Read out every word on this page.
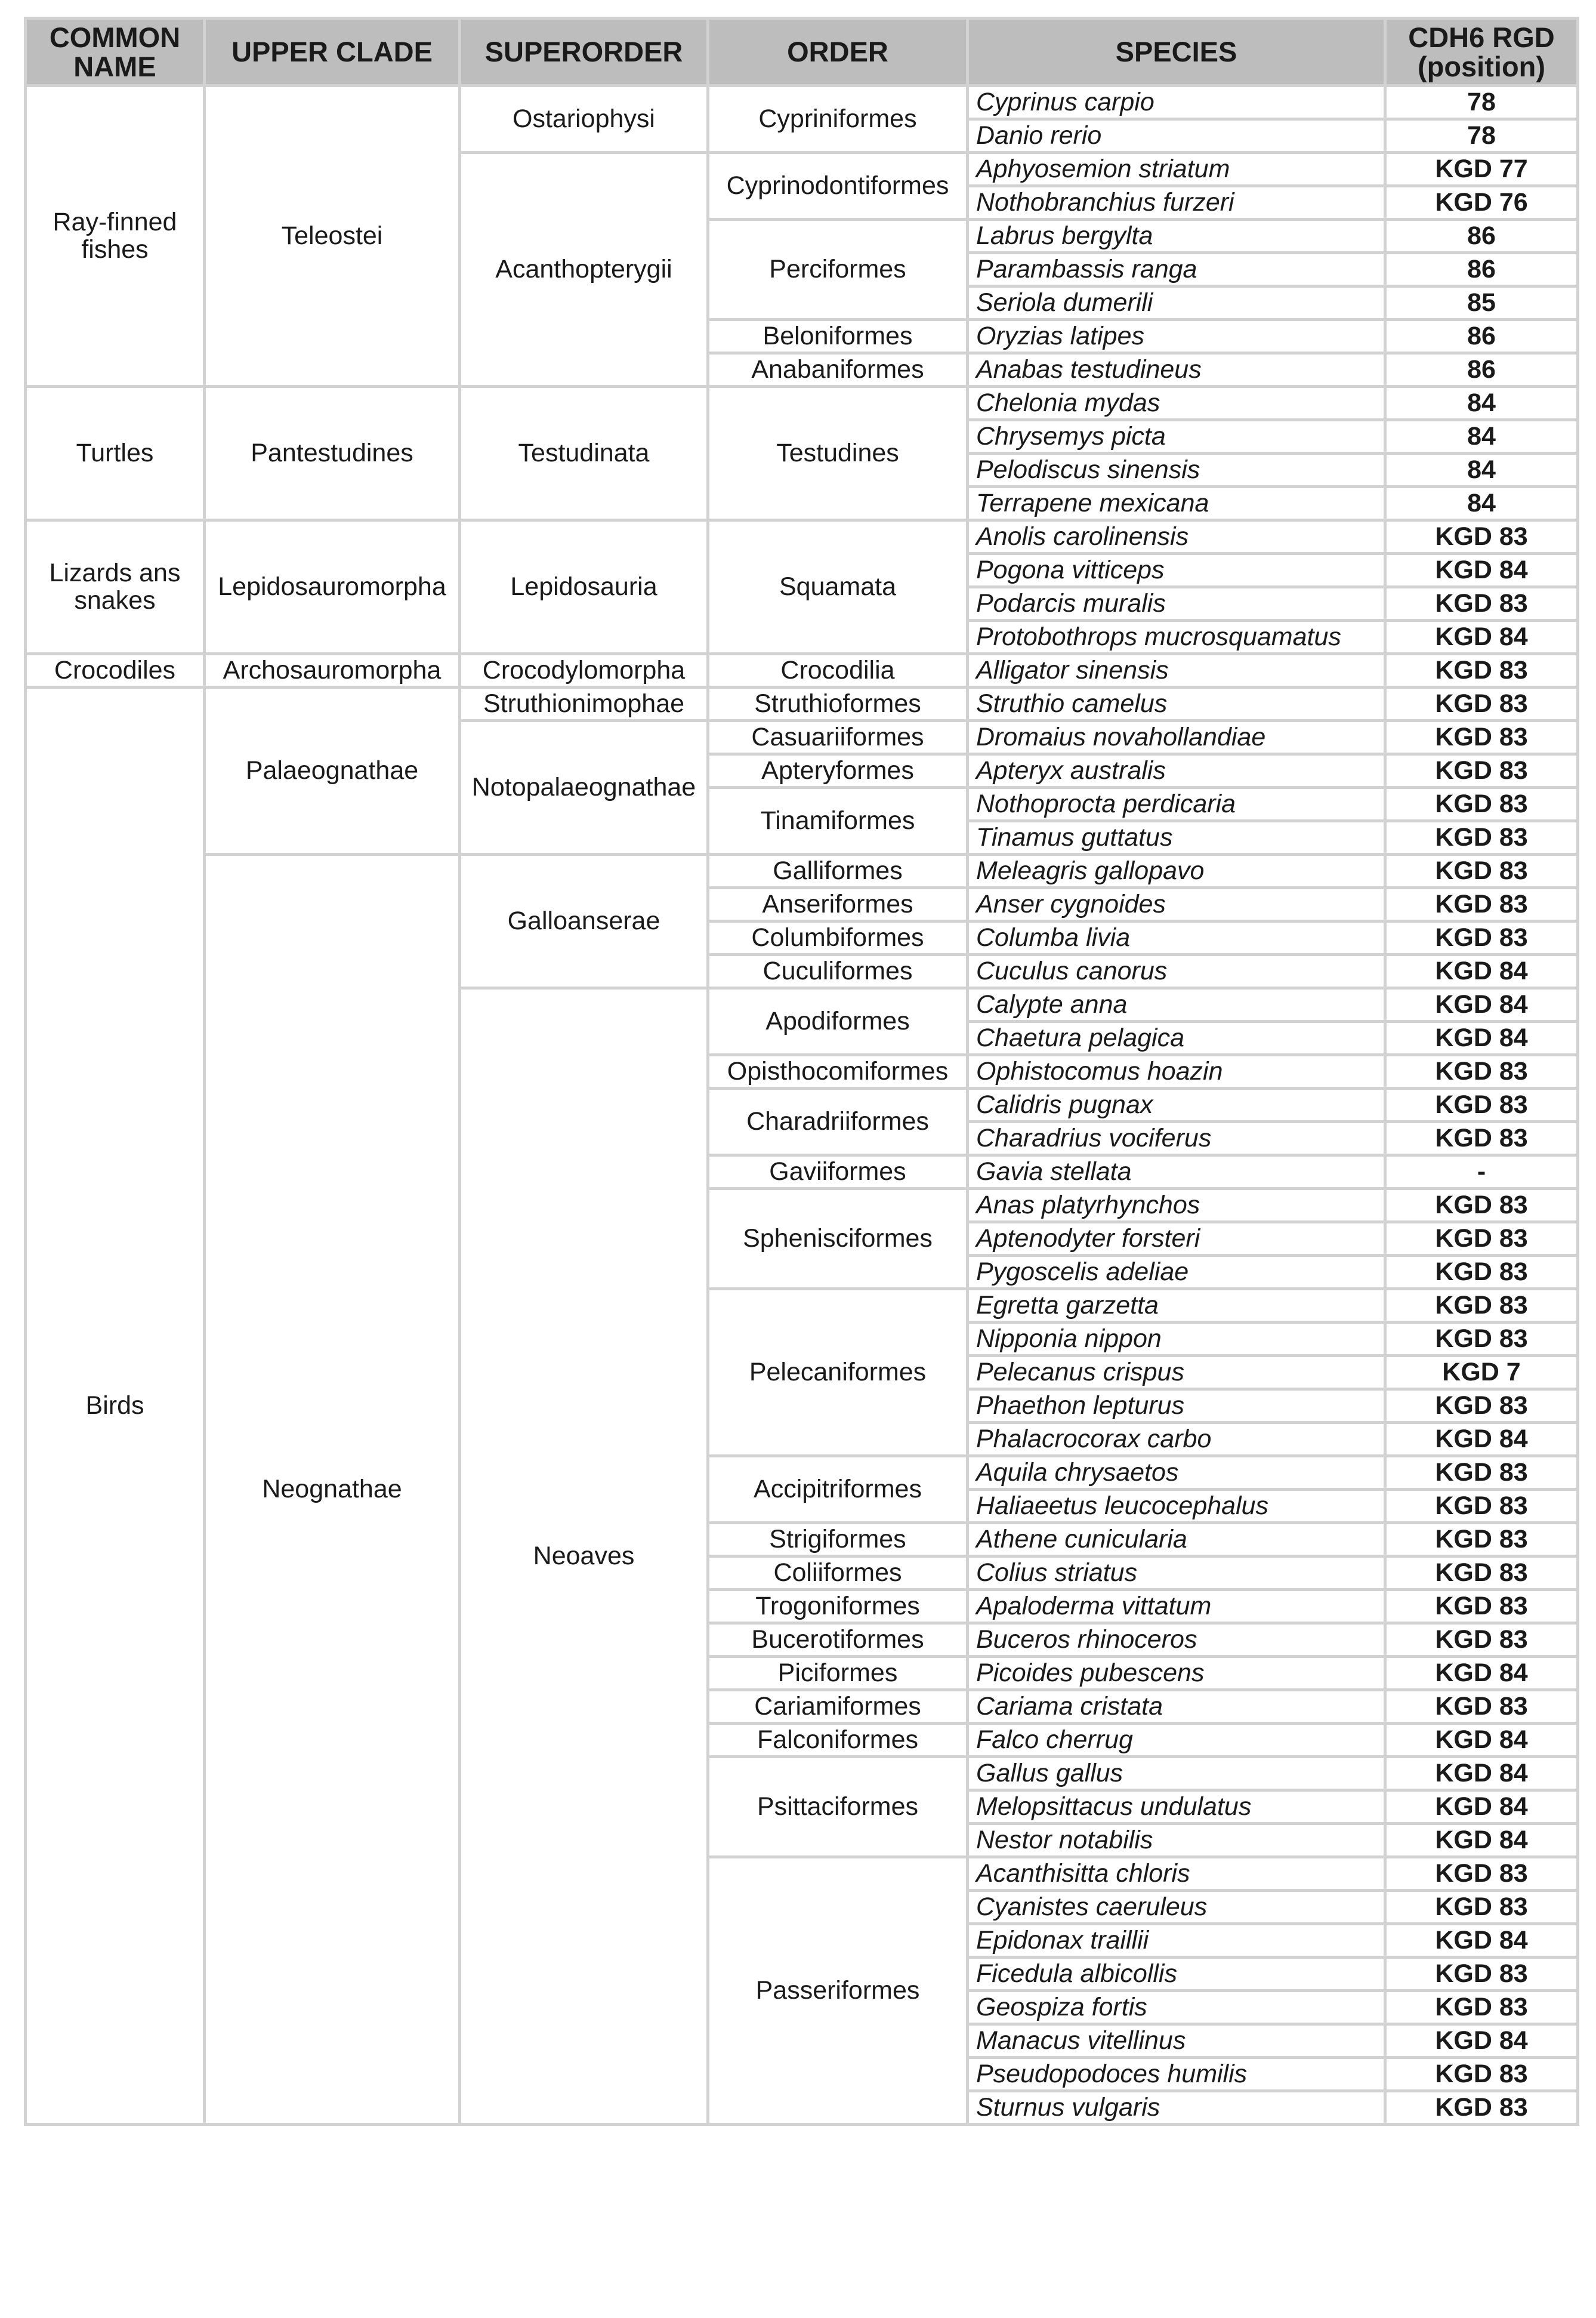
COMMON NAME	UPPER CLADE	SUPERORDER	ORDER	SPECIES	CDH6 RGD (position)
Ray-finned fishes	Teleostei	Ostariophysi	Cypriniformes	Cyprinus carpio	78
				Danio rerio	78
		Acanthopterygii	Cyprinodontiformes	Aphyosemion striatum	KGD 77
				Nothobranchius furzeri	KGD 76
			Perciformes	Labrus bergylta	86
				Parambassis ranga	86
				Seriola dumerili	85
			Beloniformes	Oryzias latipes	86
			Anabaniformes	Anabas testudineus	86
Turtles	Pantestudines	Testudinata	Testudines	Chelonia mydas	84
				Chrysemys picta	84
				Pelodiscus sinensis	84
				Terrapene mexicana	84
Lizards ans snakes	Lepidosauromorpha	Lepidosauria	Squamata	Anolis carolinensis	KGD 83
				Pogona vitticeps	KGD 84
				Podarcis muralis	KGD 83
				Protobothrops mucrosquamatus	KGD 84
Crocodiles	Archosauromorpha	Crocodylomorpha	Crocodilia	Alligator sinensis	KGD 83
Birds	Palaeognathae	Struthionimophae	Struthioformes	Struthio camelus	KGD 83
		Notopalaeognathae	Casuariiformes	Dromaius novahollandiae	KGD 83
			Apteryformes	Apteryx australis	KGD 83
			Tinamiformes	Nothoprocta perdicaria	KGD 83
				Tinamus guttatus	KGD 83
	Neognathae	Galloanserae	Galliformes	Meleagris gallopavo	KGD 83
			Anseriformes	Anser cygnoides	KGD 83
			Columbiformes	Columba livia	KGD 83
			Cuculiformes	Cuculus canorus	KGD 84
		Neoaves	Apodiformes	Calypte anna	KGD 84
				Chaetura pelagica	KGD 84
			Opisthocomiformes	Ophistocomus hoazin	KGD 83
			Charadriiformes	Calidris pugnax	KGD 83
				Charadrius vociferus	KGD 83
			Gaviiformes	Gavia stellata	-
			Sphenisciformes	Anas platyrhynchos	KGD 83
				Aptenodyter forsteri	KGD 83
				Pygoscelis adeliae	KGD 83
			Pelecaniformes	Egretta garzetta	KGD 83
				Nipponia nippon	KGD 83
				Pelecanus crispus	KGD 7
				Phaethon lepturus	KGD 83
				Phalacrocorax carbo	KGD 84
			Accipitriformes	Aquila chrysaetos	KGD 83
				Haliaeetus leucocephalus	KGD 83
			Strigiformes	Athene cunicularia	KGD 83
			Coliiformes	Colius striatus	KGD 83
			Trogoniformes	Apaloderma vittatum	KGD 83
			Bucerotiformes	Buceros rhinoceros	KGD 83
			Piciformes	Picoides pubescens	KGD 84
			Cariamiformes	Cariama cristata	KGD 83
			Falconiformes	Falco cherrug	KGD 84
			Psittaciformes	Gallus gallus	KGD 84
				Melopsittacus undulatus	KGD 84
				Nestor notabilis	KGD 84
			Passeriformes	Acanthisitta chloris	KGD 83
				Cyanistes caeruleus	KGD 83
				Epidonax traillii	KGD 84
				Ficedula albicollis	KGD 83
				Geospiza fortis	KGD 83
				Manacus vitellinus	KGD 84
				Pseudopodoces humilis	KGD 83
				Sturnus vulgaris	KGD 83
